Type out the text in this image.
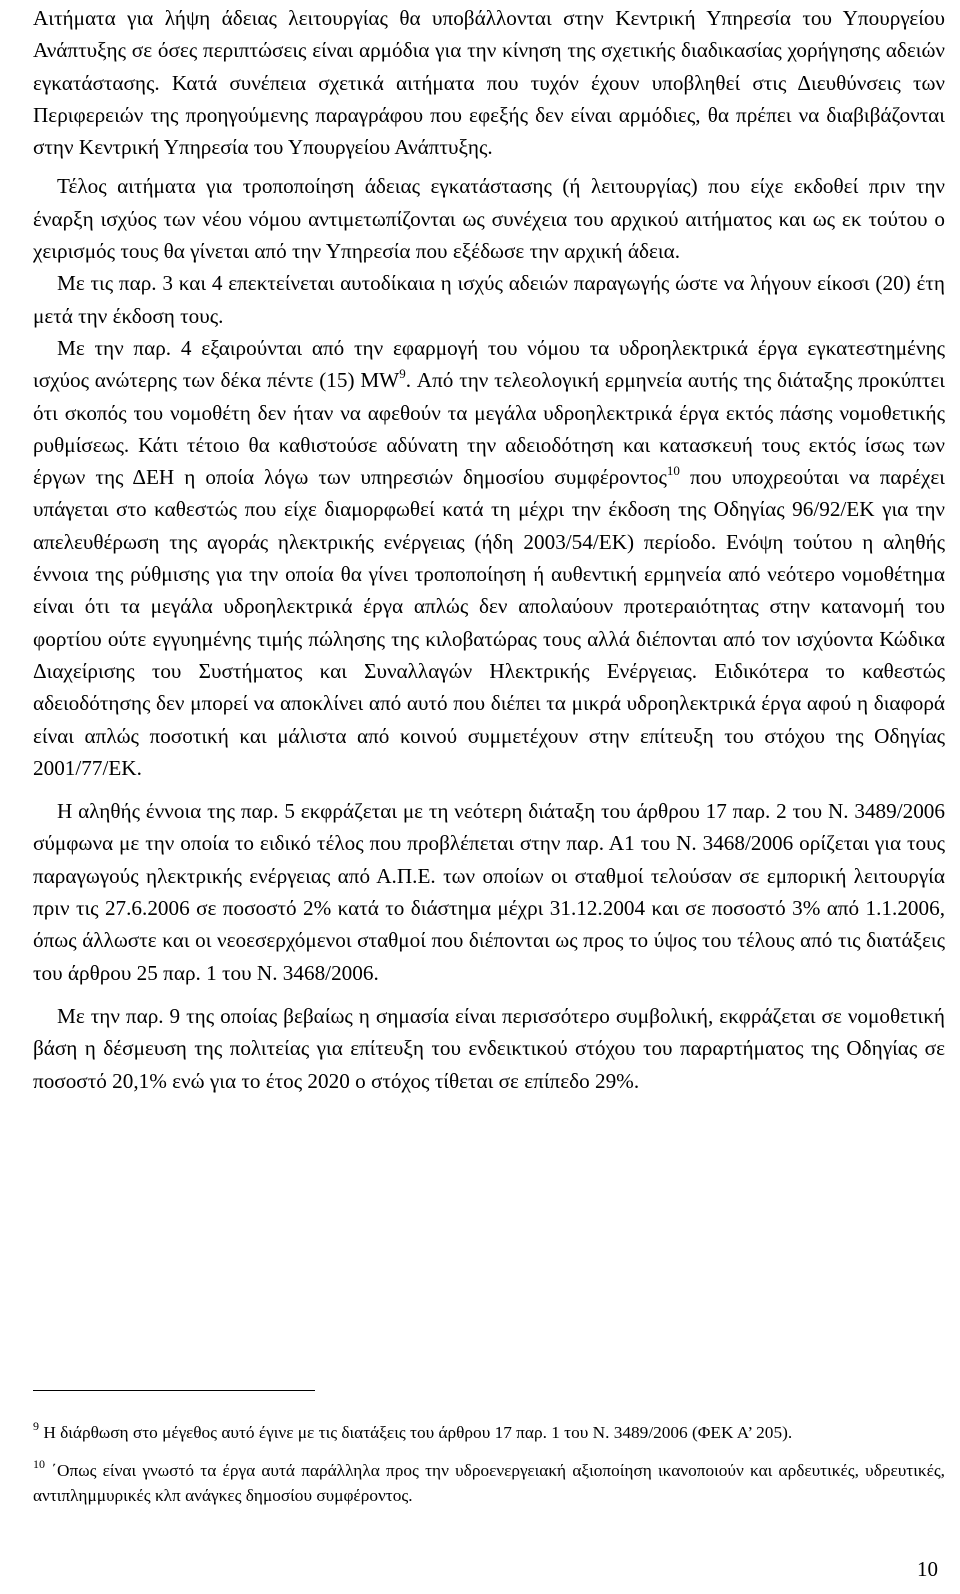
Αιτήματα για λήψη άδειας λειτουργίας θα υποβάλλονται στην Κεντρική Υπηρεσία του Υπουργείου Ανάπτυξης σε όσες περιπτώσεις είναι αρμόδια για την κίνηση της σχετικής διαδικασίας χορήγησης αδειών εγκατάστασης. Κατά συνέπεια σχετικά αιτήματα που τυχόν έχουν υποβληθεί στις Διευθύνσεις των Περιφερειών της προηγούμενης παραγράφου που εφεξής δεν είναι αρμόδιες, θα πρέπει να διαβιβάζονται στην Κεντρική Υπηρεσία του Υπουργείου Ανάπτυξης.

Τέλος αιτήματα για τροποποίηση άδειας εγκατάστασης (ή λειτουργίας) που είχε εκδοθεί πριν την έναρξη ισχύος των νέου νόμου αντιμετωπίζονται ως συνέχεια του αρχικού αιτήματος και ως εκ τούτου ο χειρισμός τους θα γίνεται από την Υπηρεσία που εξέδωσε την αρχική άδεια.

Με τις παρ. 3 και 4 επεκτείνεται αυτοδίκαια η ισχύς αδειών παραγωγής ώστε να λήγουν είκοσι (20) έτη μετά την έκδοση τους.

Με την παρ. 4 εξαιρούνται από την εφαρμογή του νόμου τα υδροηλεκτρικά έργα εγκατεστημένης ισχύος ανώτερης των δέκα πέντε (15) $MW^9$. Από την τελεολογική ερμηνεία αυτής της διάταξης προκύπτει ότι σκοπός του νομοθέτη δεν ήταν να αφεθούν τα μεγάλα υδροηλεκτρικά έργα εκτός πάσης νομοθετικής ρυθμίσεως. Κάτι τέτοιο θα καθιστούσε αδύνατη την αδειοδότηση και κατασκευή τους εκτός ίσως των έργων της ΔΕΗ η οποία λόγω των υπηρεσιών δημοσίου συμφέροντος$^{10}$ που υποχρεούται να παρέχει υπάγεται στο καθεστώς που είχε διαμορφωθεί κατά τη μέχρι την έκδοση της Οδηγίας 96/92/ΕΚ για την απελευθέρωση της αγοράς ηλεκτρικής ενέργειας (ήδη 2003/54/ΕΚ) περίοδο. Ενόψη τούτου η αληθής έννοια της ρύθμισης για την οποία θα γίνει τροποποίηση ή αυθεντική ερμηνεία από νεότερο νομοθέτημα είναι ότι τα μεγάλα υδροηλεκτρικά έργα απλώς δεν απολαύουν προτεραιότητας στην κατανομή του φορτίου ούτε εγγυημένης τιμής πώλησης της κιλοβατώρας τους αλλά διέπονται από τον ισχύοντα Κώδικα Διαχείρισης του Συστήματος και Συναλλαγών Ηλεκτρικής Ενέργειας. Ειδικότερα το καθεστώς αδειοδότησης δεν μπορεί να αποκλίνει από αυτό που διέπει τα μικρά υδροηλεκτρικά έργα αφού η διαφορά είναι απλώς ποσοτική και μάλιστα από κοινού συμμετέχουν στην επίτευξη του στόχου της Οδηγίας 2001/77/ΕΚ.

Η αληθής έννοια της παρ. 5 εκφράζεται με τη νεότερη διάταξη του άρθρου 17 παρ. 2 του Ν. 3489/2006 σύμφωνα με την οποία το ειδικό τέλος που προβλέπεται στην παρ. Α1 του Ν. 3468/2006 ορίζεται για τους παραγωγούς ηλεκτρικής ενέργειας από Α.Π.Ε. των οποίων οι σταθμοί τελούσαν σε εμπορική λειτουργία πριν τις 27.6.2006 σε ποσοστό 2% κατά το διάστημα μέχρι 31.12.2004 και σε ποσοστό 3% από 1.1.2006, όπως άλλωστε και οι νεοεσερχόμενοι σταθμοί που διέπονται ως προς το ύψος του τέλους από τις διατάξεις του άρθρου 25 παρ. 1 του Ν. 3468/2006.

Με την παρ. 9 της οποίας βεβαίως η σημασία είναι περισσότερο συμβολική, εκφράζεται σε νομοθετική βάση η δέσμευση της πολιτείας για επίτευξη του ενδεικτικού στόχου του παραρτήματος της Οδηγίας σε ποσοστό 20,1% ενώ για το έτος 2020 ο στόχος τίθεται σε επίπεδο 29%.

$^9$ Η διάρθωση στο μέγεθος αυτό έγινε με τις διατάξεις του άρθρου 17 παρ. 1 του Ν. 3489/2006 (ΦΕΚ Α’ 205).

$^{10}$ ΄Οπως είναι γνωστό τα έργα αυτά παράλληλα προς την υδροενεργειακή αξιοποίηση ικανοποιούν και αρδευτικές, υδρευτικές, αντιπλημμυρικές κλπ ανάγκες δημοσίου συμφέροντος.

10
